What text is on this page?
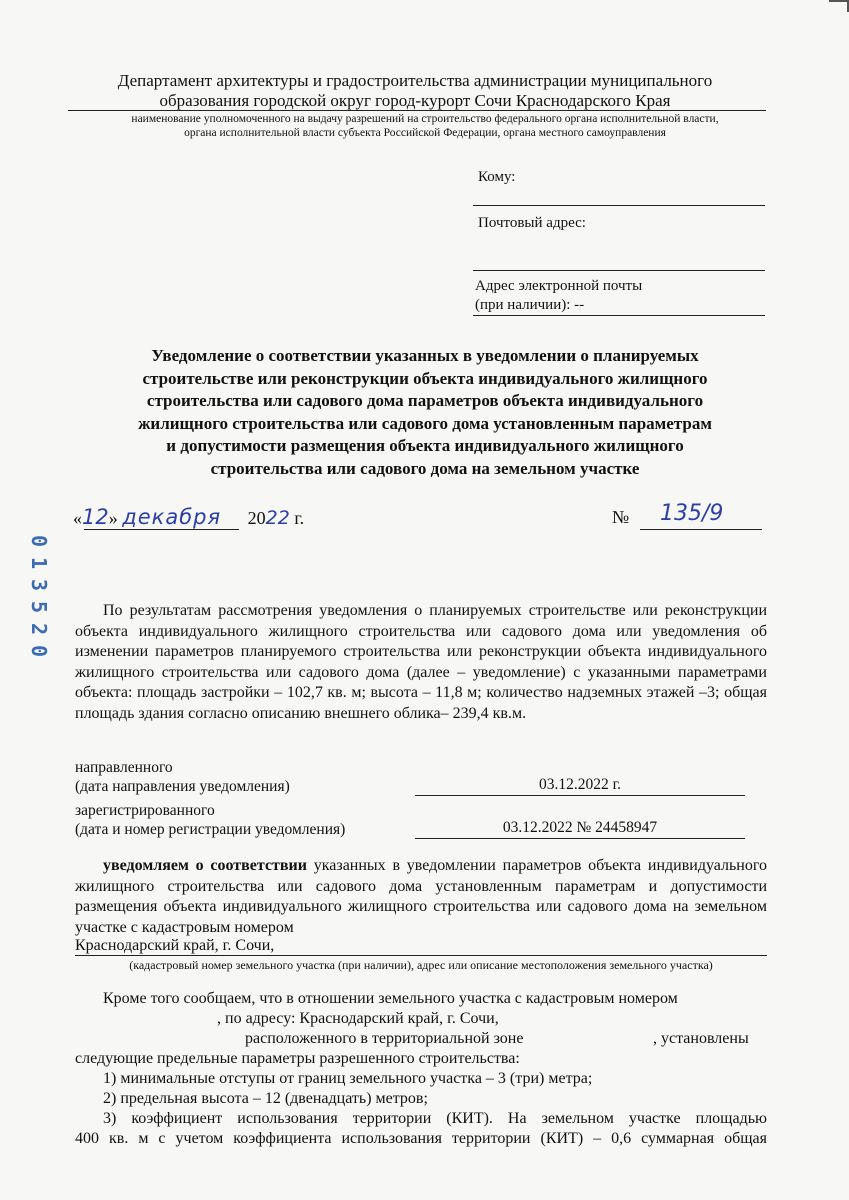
Департамент архитектуры и градостроительства администрации муниципального
образования городской округ город-курорт Сочи Краснодарского Края
наименование уполномоченного на выдачу разрешений на строительство федерального органа исполнительной власти,
органа исполнительной власти субъекта Российской Федерации, органа местного самоуправления
Кому:
Почтовый адрес:
Адрес электронной почты
(при наличии): --
Уведомление о соответствии указанных в уведомлении о планируемых
строительстве или реконструкции объекта индивидуального жилищного
строительства или садового дома параметров объекта индивидуального
жилищного строительства или садового дома установленным параметрам
и допустимости размещения объекта индивидуального жилищного
строительства или садового дома на земельном участке
«12» декабря 2022 г.	№ 135/9
0
1
3
5
2
0
По результатам рассмотрения уведомления о планируемых строительстве или реконструкции объекта индивидуального жилищного строительства или садового дома или уведомления об изменении параметров планируемого строительства или реконструкции объекта индивидуального жилищного строительства или садового дома (далее – уведомление) с указанными параметрами объекта: площадь застройки – 102,7 кв. м; высота – 11,8 м; количество надземных этажей –3; общая площадь здания согласно описанию внешнего облика– 239,4 кв.м.
направленного
(дата направления уведомления)	03.12.2022 г.
зарегистрированного
(дата и номер регистрации уведомления)	03.12.2022 № 24458947
уведомляем о соответствии указанных в уведомлении параметров объекта индивидуального жилищного строительства или садового дома установленным параметрам и допустимости размещения объекта индивидуального жилищного строительства или садового дома на земельном участке с кадастровым номером
Краснодарский край, г. Сочи,
(кадастровый номер земельного участка (при наличии), адрес или описание местоположения земельного участка)
Кроме того сообщаем, что в отношении земельного участка с кадастровым номером
, по адресу: Краснодарский край, г. Сочи,
расположенного в территориальной зоне	, установлены
следующие предельные параметры разрешенного строительства:
1) минимальные отступы от границ земельного участка – 3 (три) метра;
2) предельная высота – 12 (двенадцать) метров;
3) коэффициент использования территории (КИТ). На земельном участке площадью
400 кв. м с учетом коэффициента использования территории (КИТ) – 0,6 суммарная общая
